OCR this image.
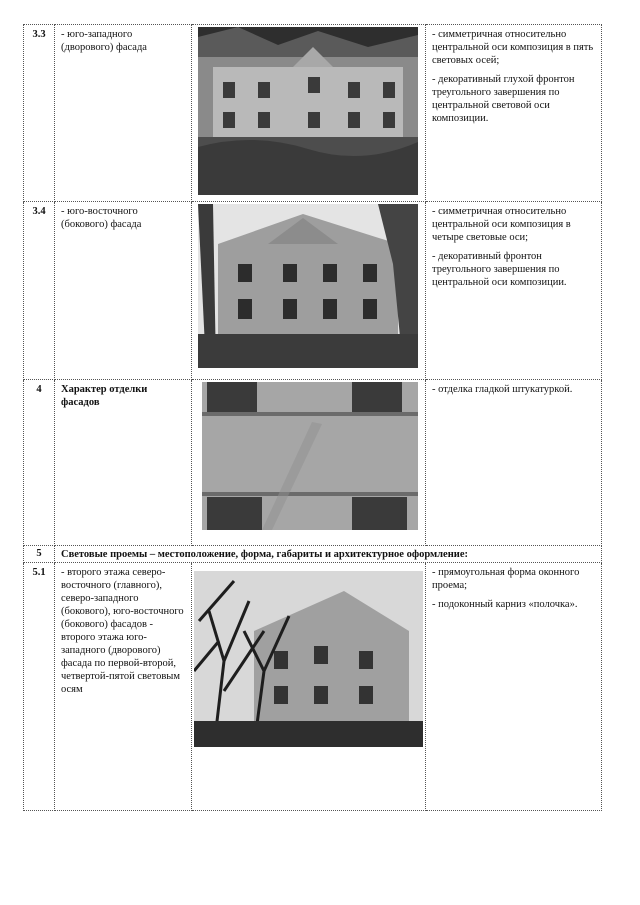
3.3	- юго-западного (дворового) фасада		- симметричная относительно центральной оси композиция в пять световых осей;

- декоративный глухой фронтон треугольного завершения по центральной световой оси композиции.

3.4	- юго-восточного (бокового) фасада		- симметричная относительно центральной оси композиция в четыре световые оси;

- декоративный фронтон треугольного завершения по центральной оси композиции.

4	Характер отделки фасадов		- отделка гладкой штукатуркой.

5	Световые проемы – местоположение, форма, габариты и архитектурное оформление:		
5.1	- второго этажа северо-восточного (главного), северо-западного (бокового), юго-восточного (бокового) фасадов - второго этажа юго-западного (дворового) фасада по первой-второй, четвертой-пятой световым осям		- прямоугольная форма оконного проема;

- подоконный карниз «полочка».
